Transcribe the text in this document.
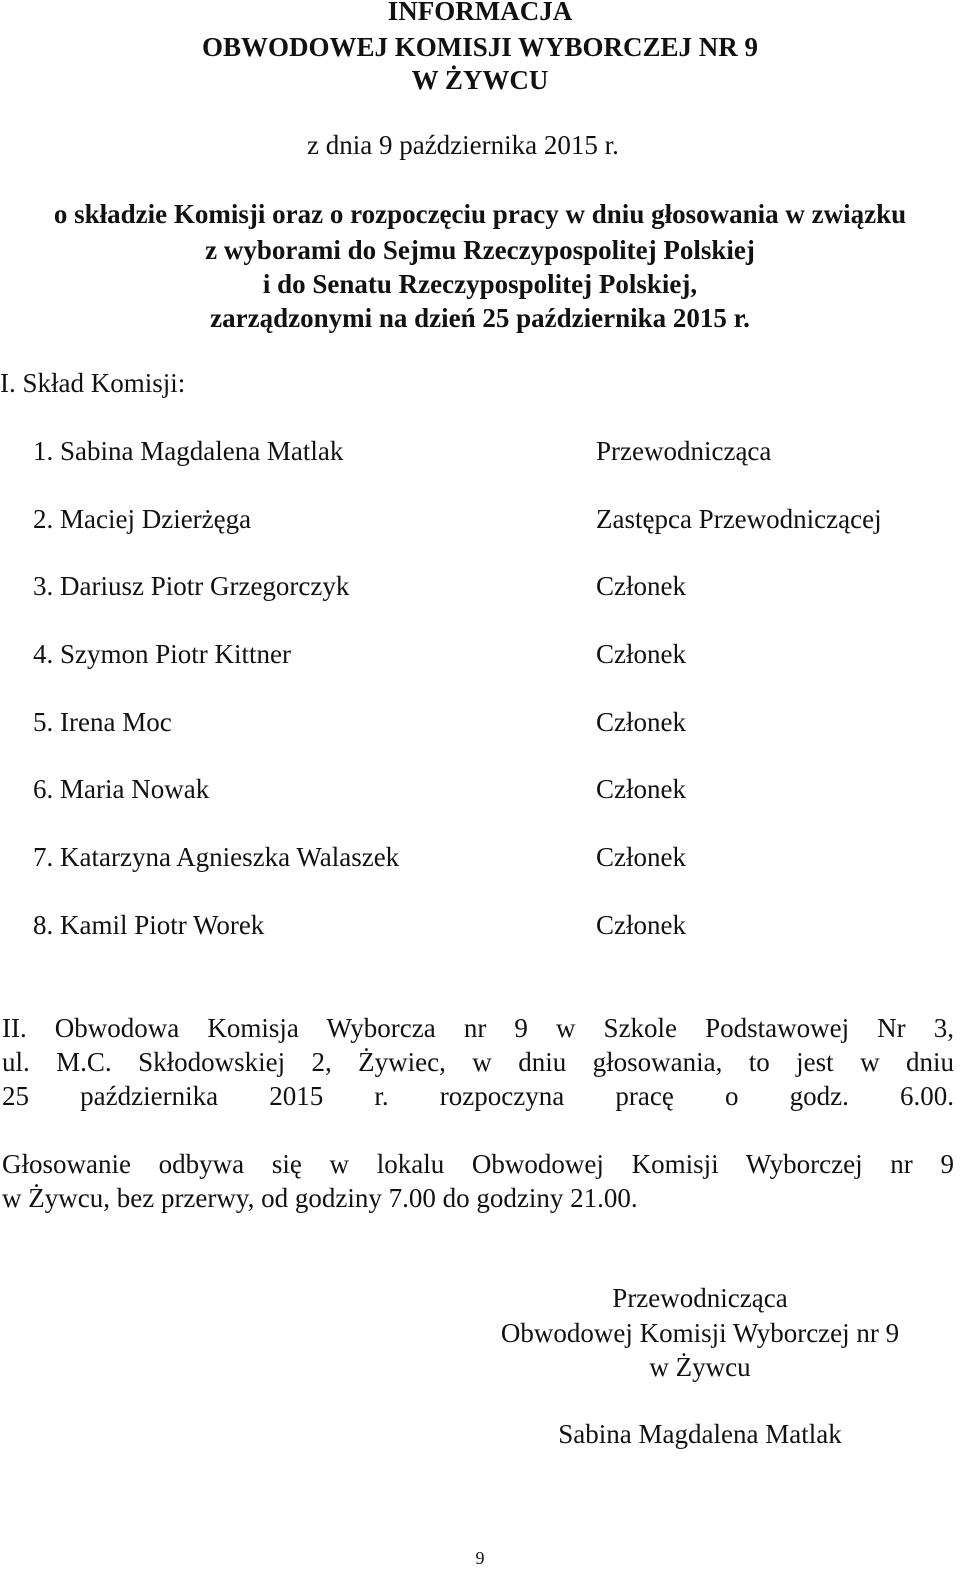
INFORMACJA

OBWODOWEJ KOMISJI WYBORCZEJ NR 9

W ŻYWCU

z dnia 9 października 2015 r.

o składzie Komisji oraz o rozpoczęciu pracy w dniu głosowania w związku

z wyborami do Sejmu Rzeczypospolitej Polskiej

i do Senatu Rzeczypospolitej Polskiej,

zarządzonymi na dzień 25 października 2015 r.

I. Skład Komisji:

1. Sabina Magdalena Matlak	Przewodnicząca

2. Maciej Dzierżęga	Zastępca Przewodniczącej

3. Dariusz Piotr Grzegorczyk	Członek

4. Szymon Piotr Kittner	Członek

5. Irena Moc	Członek

6. Maria Nowak	Członek

7. Katarzyna Agnieszka Walaszek	Członek

8. Kamil Piotr Worek	Członek

II. Obwodowa Komisja Wyborcza nr 9 w Szkole Podstawowej Nr 3,
ul. M.C. Skłodowskiej 2, Żywiec, w dniu głosowania, to jest w dniu
25 października 2015 r. rozpoczyna pracę o godz. 6.00.
Głosowanie odbywa się w lokalu Obwodowej Komisji Wyborczej nr 9
w Żywcu, bez przerwy, od godziny 7.00 do godziny 21.00.

Przewodnicząca

Obwodowej Komisji Wyborczej nr 9

w Żywcu

Sabina Magdalena Matlak

9
